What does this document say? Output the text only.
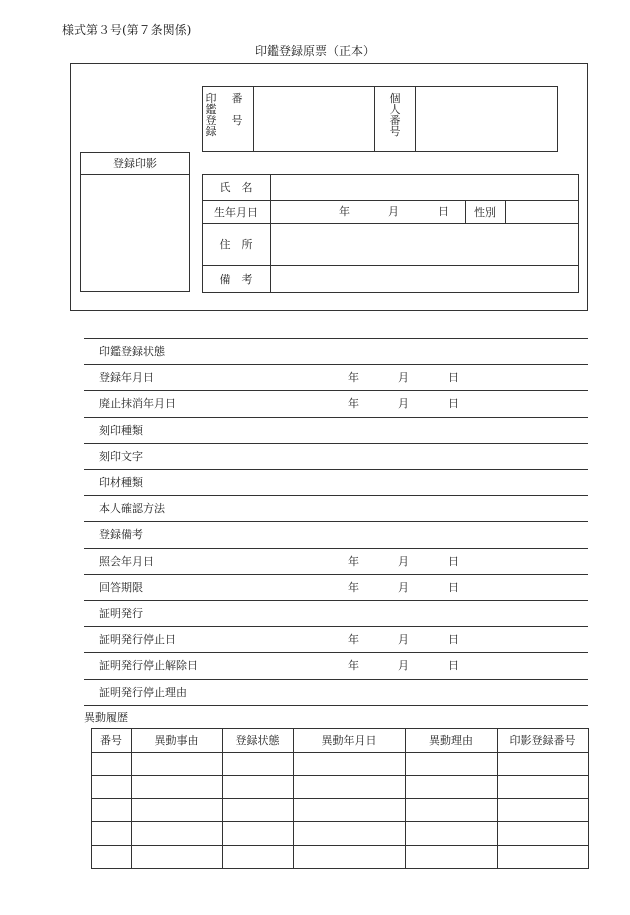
様式第３号(第７条関係)
印鑑登録原票（正本）
印
鑑
登
録
番
号
個
人
番
号
登録印影
氏　名
生年月日	年	月	日	性別
住　所
備　考
印鑑登録状態
登録年月日	年	月	日
廃止抹消年月日	年	月	日
刻印種類
刻印文字
印材種類
本人確認方法
登録備考
照会年月日	年	月	日
回答期限	年	月	日
証明発行
証明発行停止日	年	月	日
証明発行停止解除日	年	月	日
証明発行停止理由
異動履歴
番号	異動事由	登録状態	異動年月日	異動理由	印影登録番号
